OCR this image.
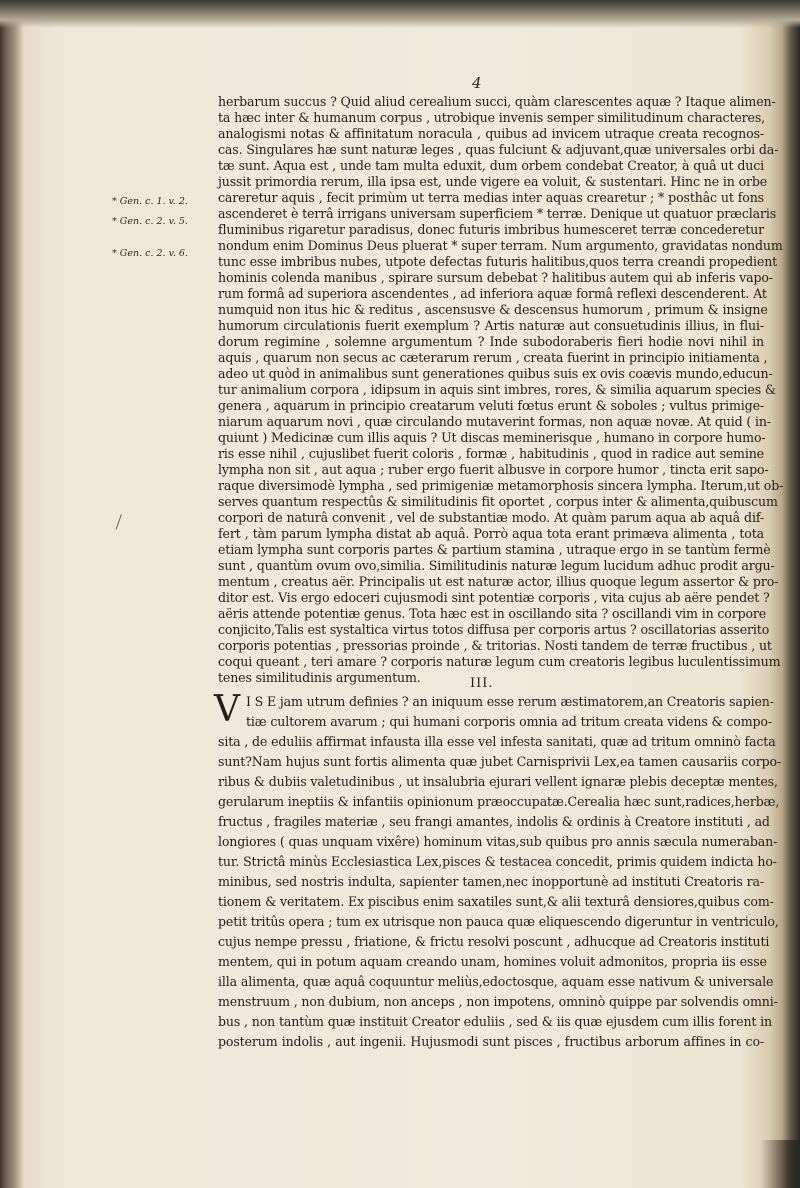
4
* Gen. c. 1. v. 2.
* Gen. c. 2. v. 5.
* Gen. c. 2. v. 6.
herbarum succus ? Quid aliud cerealium succi, quàm clarescentes aquæ ? Itaque alimen-
ta hæc inter & humanum corpus , utrobique invenis semper similitudinum characteres,
analogismi notas & affinitatum noracula , quibus ad invicem utraque creata recognos-
cas. Singulares hæ sunt naturæ leges , quas fulciunt & adjuvant,quæ universales orbi da-
tæ sunt. Aqua est , unde tam multa eduxit, dum orbem condebat Creator, à quâ ut duci
jussit primordia rerum, illa ipsa est, unde vigere ea voluit, & sustentari. Hinc ne in orbe
careretur aquis , fecit primùm ut terra medias inter aquas crearetur ; * posthâc ut fons
ascenderet è terrâ irrigans universam superficiem * terræ. Denique ut quatuor præclaris
fluminibus rigaretur paradisus, donec futuris imbribus humesceret terræ concederetur
nondum enim Dominus Deus pluerat * super terram. Num argumento, gravidatas nondum
tunc esse imbribus nubes, utpote defectas futuris halitibus,quos terra creandi propedient
hominis colenda manibus , spirare sursum debebat ? halitibus autem qui ab inferis vapo-
rum formâ ad superiora ascendentes , ad inferiora aquæ formâ reflexi descenderent. At
numquid non itus hic & reditus , ascensusve & descensus humorum , primum & insigne
humorum circulationis fuerit exemplum ? Artis naturæ aut consuetudinis illius, in flui-
dorum regimine , solemne argumentum ? Inde subodoraberis fieri hodie novi nihil in
aquis , quarum non secus ac cæterarum rerum , creata fuerint in principio initiamenta ,
adeo ut quòd in animalibus sunt generationes quibus suis ex ovis coævis mundo,educun-
tur animalium corpora , idipsum in aquis sint imbres, rores, & similia aquarum species &
genera , aquarum in principio creatarum veluti fœtus erunt & soboles ; vultus primige-
niarum aquarum novi , quæ circulando mutaverint formas, non aquæ novæ. At quid ( in-
quiunt ) Medicinæ cum illis aquis ? Ut discas meminerisque , humano in corpore humo-
ris esse nihil , cujuslibet fuerit coloris , formæ , habitudinis , quod in radice aut semine
lympha non sit , aut aqua ; ruber ergo fuerit albusve in corpore humor , tincta erit sapo-
raque diversimodè lympha , sed primigeniæ metamorphosis sincera lympha. Iterum,ut ob-
serves quantum respectûs & similitudinis fit oportet , corpus inter & alimenta,quibuscum
corpori de naturâ convenit , vel de substantiæ modo. At quàm parum aqua ab aquâ dif-
fert , tàm parum lympha distat ab aquâ. Porrò aqua tota erant primæva alimenta , tota
etiam lympha sunt corporis partes & partium stamina , utraque ergo in se tantùm fermè
sunt , quantùm ovum ovo,similia. Similitudinis naturæ legum lucidum adhuc prodit argu-
mentum , creatus aër. Principalis ut est naturæ actor, illius quoque legum assertor & pro-
ditor est. Vis ergo edoceri cujusmodi sint potentiæ corporis , vita cujus ab aëre pendet ?
aëris attende potentiæ genus. Tota hæc est in oscillando sita ? oscillandi vim in corpore
conjicito,Talis est systaltica virtus totos diffusa per corporis artus ? oscillatorias asserito
corporis potentias , pressorias proinde , & tritorias. Nosti tandem de terræ fructibus , ut
coqui queant , teri amare ? corporis naturæ legum cum creatoris legibus luculentissimum
tenes similitudinis argumentum.	III.
V I S E jam utrum definies ? an iniquum esse rerum æstimatorem,an Creatoris sapien-
tiæ cultorem avarum ; qui humani corporis omnia ad tritum creata videns & compo-
sita , de eduliis affirmat infausta illa esse vel infesta sanitati, quæ ad tritum omninò facta
sunt?Nam hujus sunt fortis alimenta quæ jubet Carnisprivii Lex,ea tamen causariis corpo-
ribus & dubiis valetudinibus , ut insalubria ejurari vellent ignaræ plebis deceptæ mentes,
gerularum ineptiis & infantiis opinionum præoccupatæ.Cerealia hæc sunt,radices,herbæ,
fructus , fragiles materiæ , seu frangi amantes, indolis & ordinis à Creatore instituti , ad
longiores ( quas unquam vixêre) hominum vitas,sub quibus pro annis sæcula numeraban-
tur. Strictâ minùs Ecclesiastica Lex,pisces & testacea concedit, primis quidem indicta ho-
minibus, sed nostris indulta, sapienter tamen,nec inopportunè ad instituti Creatoris ra-
tionem & veritatem. Ex piscibus enim saxatiles sunt,& alii texturâ densiores,quibus com-
petit tritûs opera ; tum ex utrisque non pauca quæ eliquescendo digeruntur in ventriculo,
cujus nempe pressu , friatione, & frictu resolvi poscunt , adhucque ad Creatoris instituti
mentem, qui in potum aquam creando unam, homines voluit admonitos, propria iis esse
illa alimenta, quæ aquâ coquuntur meliùs,edoctosque, aquam esse nativum & universale
menstruum , non dubium, non anceps , non impotens, omninò quippe par solvendis omni-
bus , non tantùm quæ instituit Creator eduliis , sed & iis quæ ejusdem cum illis forent in
posterum indolis , aut ingenii. Hujusmodi sunt pisces , fructibus arborum affines in co-
